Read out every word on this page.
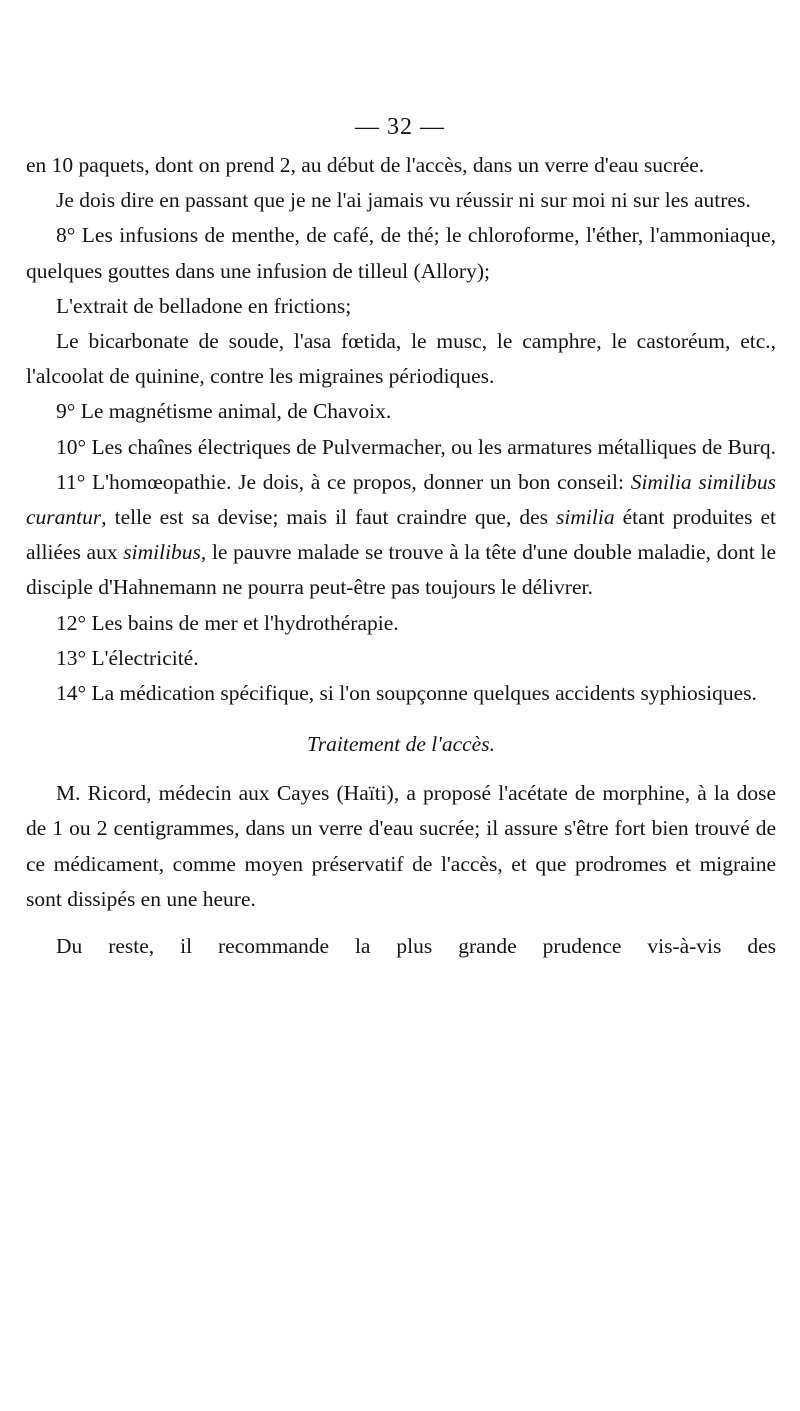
— 32 —

en 10 paquets, dont on prend 2, au début de l'accès, dans un verre d'eau sucrée.

Je dois dire en passant que je ne l'ai jamais vu réussir ni sur moi ni sur les autres.

8° Les infusions de menthe, de café, de thé; le chloroforme, l'éther, l'ammoniaque, quelques gouttes dans une infusion de tilleul (Allory);

L'extrait de belladone en frictions;

Le bicarbonate de soude, l'asa fœtida, le musc, le camphre, le castoréum, etc., l'alcoolat de quinine, contre les migraines périodiques.

9° Le magnétisme animal, de Chavoix.

10° Les chaînes électriques de Pulvermacher, ou les armatures métalliques de Burq.

11° L'homœopathie. Je dois, à ce propos, donner un bon conseil: Similia similibus curantur, telle est sa devise; mais il faut craindre que, des similia étant produites et alliées aux similibus, le pauvre malade se trouve à la tête d'une double maladie, dont le disciple d'Hahnemann ne pourra peut-être pas toujours le délivrer.

12° Les bains de mer et l'hydrothérapie.

13° L'électricité.

14° La médication spécifique, si l'on soupçonne quelques accidents syphiosiques.

Traitement de l'accès.

M. Ricord, médecin aux Cayes (Haïti), a proposé l'acétate de morphine, à la dose de 1 ou 2 centigrammes, dans un verre d'eau sucrée; il assure s'être fort bien trouvé de ce médicament, comme moyen préservatif de l'accès, et que prodromes et migraine sont dissipés en une heure.

Du reste, il recommande la plus grande prudence vis-à-vis des
